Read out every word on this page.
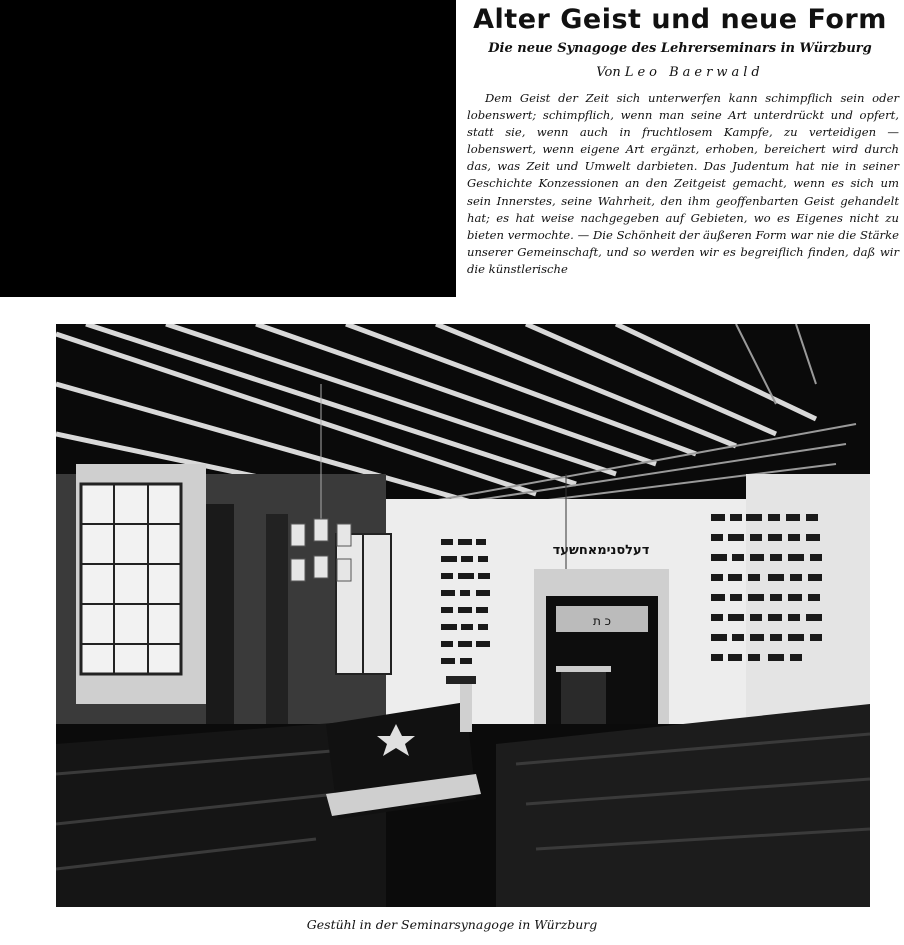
Alter Geist und neue Form
Die neue Synagoge des Lehrerseminars in Würzburg
Von Leo Baerwald

Dem Geist der Zeit sich unterwerfen kann schimpflich sein oder lobenswert; schimpflich, wenn man seine Art unterdrückt und opfert, statt sie, wenn auch in fruchtlosem Kampfe, zu verteidigen — lobenswert, wenn eigene Art ergänzt, erhoben, bereichert wird durch das, was Zeit und Umwelt darbieten. Das Judentum hat nie in seiner Geschichte Konzessionen an den Zeitgeist gemacht, wenn es sich um sein Innerstes, seine Wahrheit, den ihm geoffenbarten Geist gehandelt hat; es hat weise nachgegeben auf Gebieten, wo es Eigenes nicht zu bieten vermochte. — Die Schönheit der äußeren Form war nie die Stärke unserer Gemeinschaft, und so werden wir es begreiflich finden, daß wir die künstlerische

דעלסנימאחשעד
כ ת
Gestühl in der Seminarsynagoge in Würzburg
